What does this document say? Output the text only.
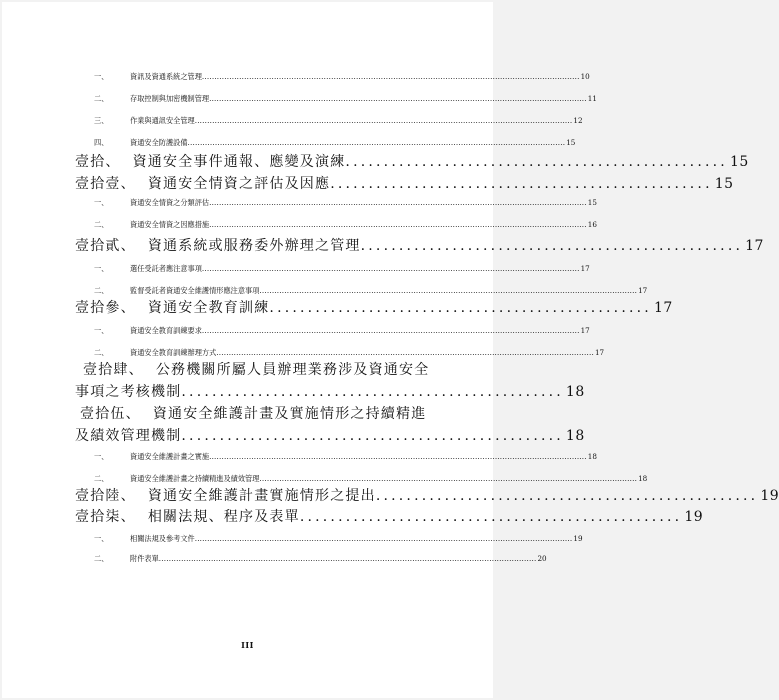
一、	資訊及資通系統之管理 ........................................................................................................................................................ 10
二、	存取控制與加密機制管理 ........................................................................................................................................................ 11
三、	作業與通訊安全管理 ........................................................................................................................................................ 12
四、	資通安全防護設備 ........................................................................................................................................................ 15
壹拾、 資通安全事件通報、應變及演練 .................................................. 15
壹拾壹、 資通安全情資之評估及因應 .................................................. 15
一、	資通安全情資之分類評估 ........................................................................................................................................................ 15
二、	資通安全情資之因應措施 ........................................................................................................................................................ 16
壹拾貳、 資通系統或服務委外辦理之管理 .................................................. 17
一、	選任受託者應注意事項 ........................................................................................................................................................ 17
二、	監督受託者資通安全維護情形應注意事項 ........................................................................................................................................................ 17
壹拾參、 資通安全教育訓練 .................................................. 17
一、	資通安全教育訓練要求 ........................................................................................................................................................ 17
二、	資通安全教育訓練辦理方式 ........................................................................................................................................................ 17
壹拾肆、 公務機關所屬人員辦理業務涉及資通安全
事項之考核機制 .................................................. 18
壹拾伍、 資通安全維護計畫及實施情形之持續精進
及績效管理機制 .................................................. 18
一、	資通安全維護計畫之實施 ........................................................................................................................................................ 18
二、	資通安全維護計畫之持續精進及績效管理 ........................................................................................................................................................ 18
壹拾陸、 資通安全維護計畫實施情形之提出 .................................................. 19
壹拾柒、 相關法規、程序及表單 .................................................. 19
一、	相關法規及參考文件 ........................................................................................................................................................ 19
二、	附件表單 ........................................................................................................................................................ 20
III
